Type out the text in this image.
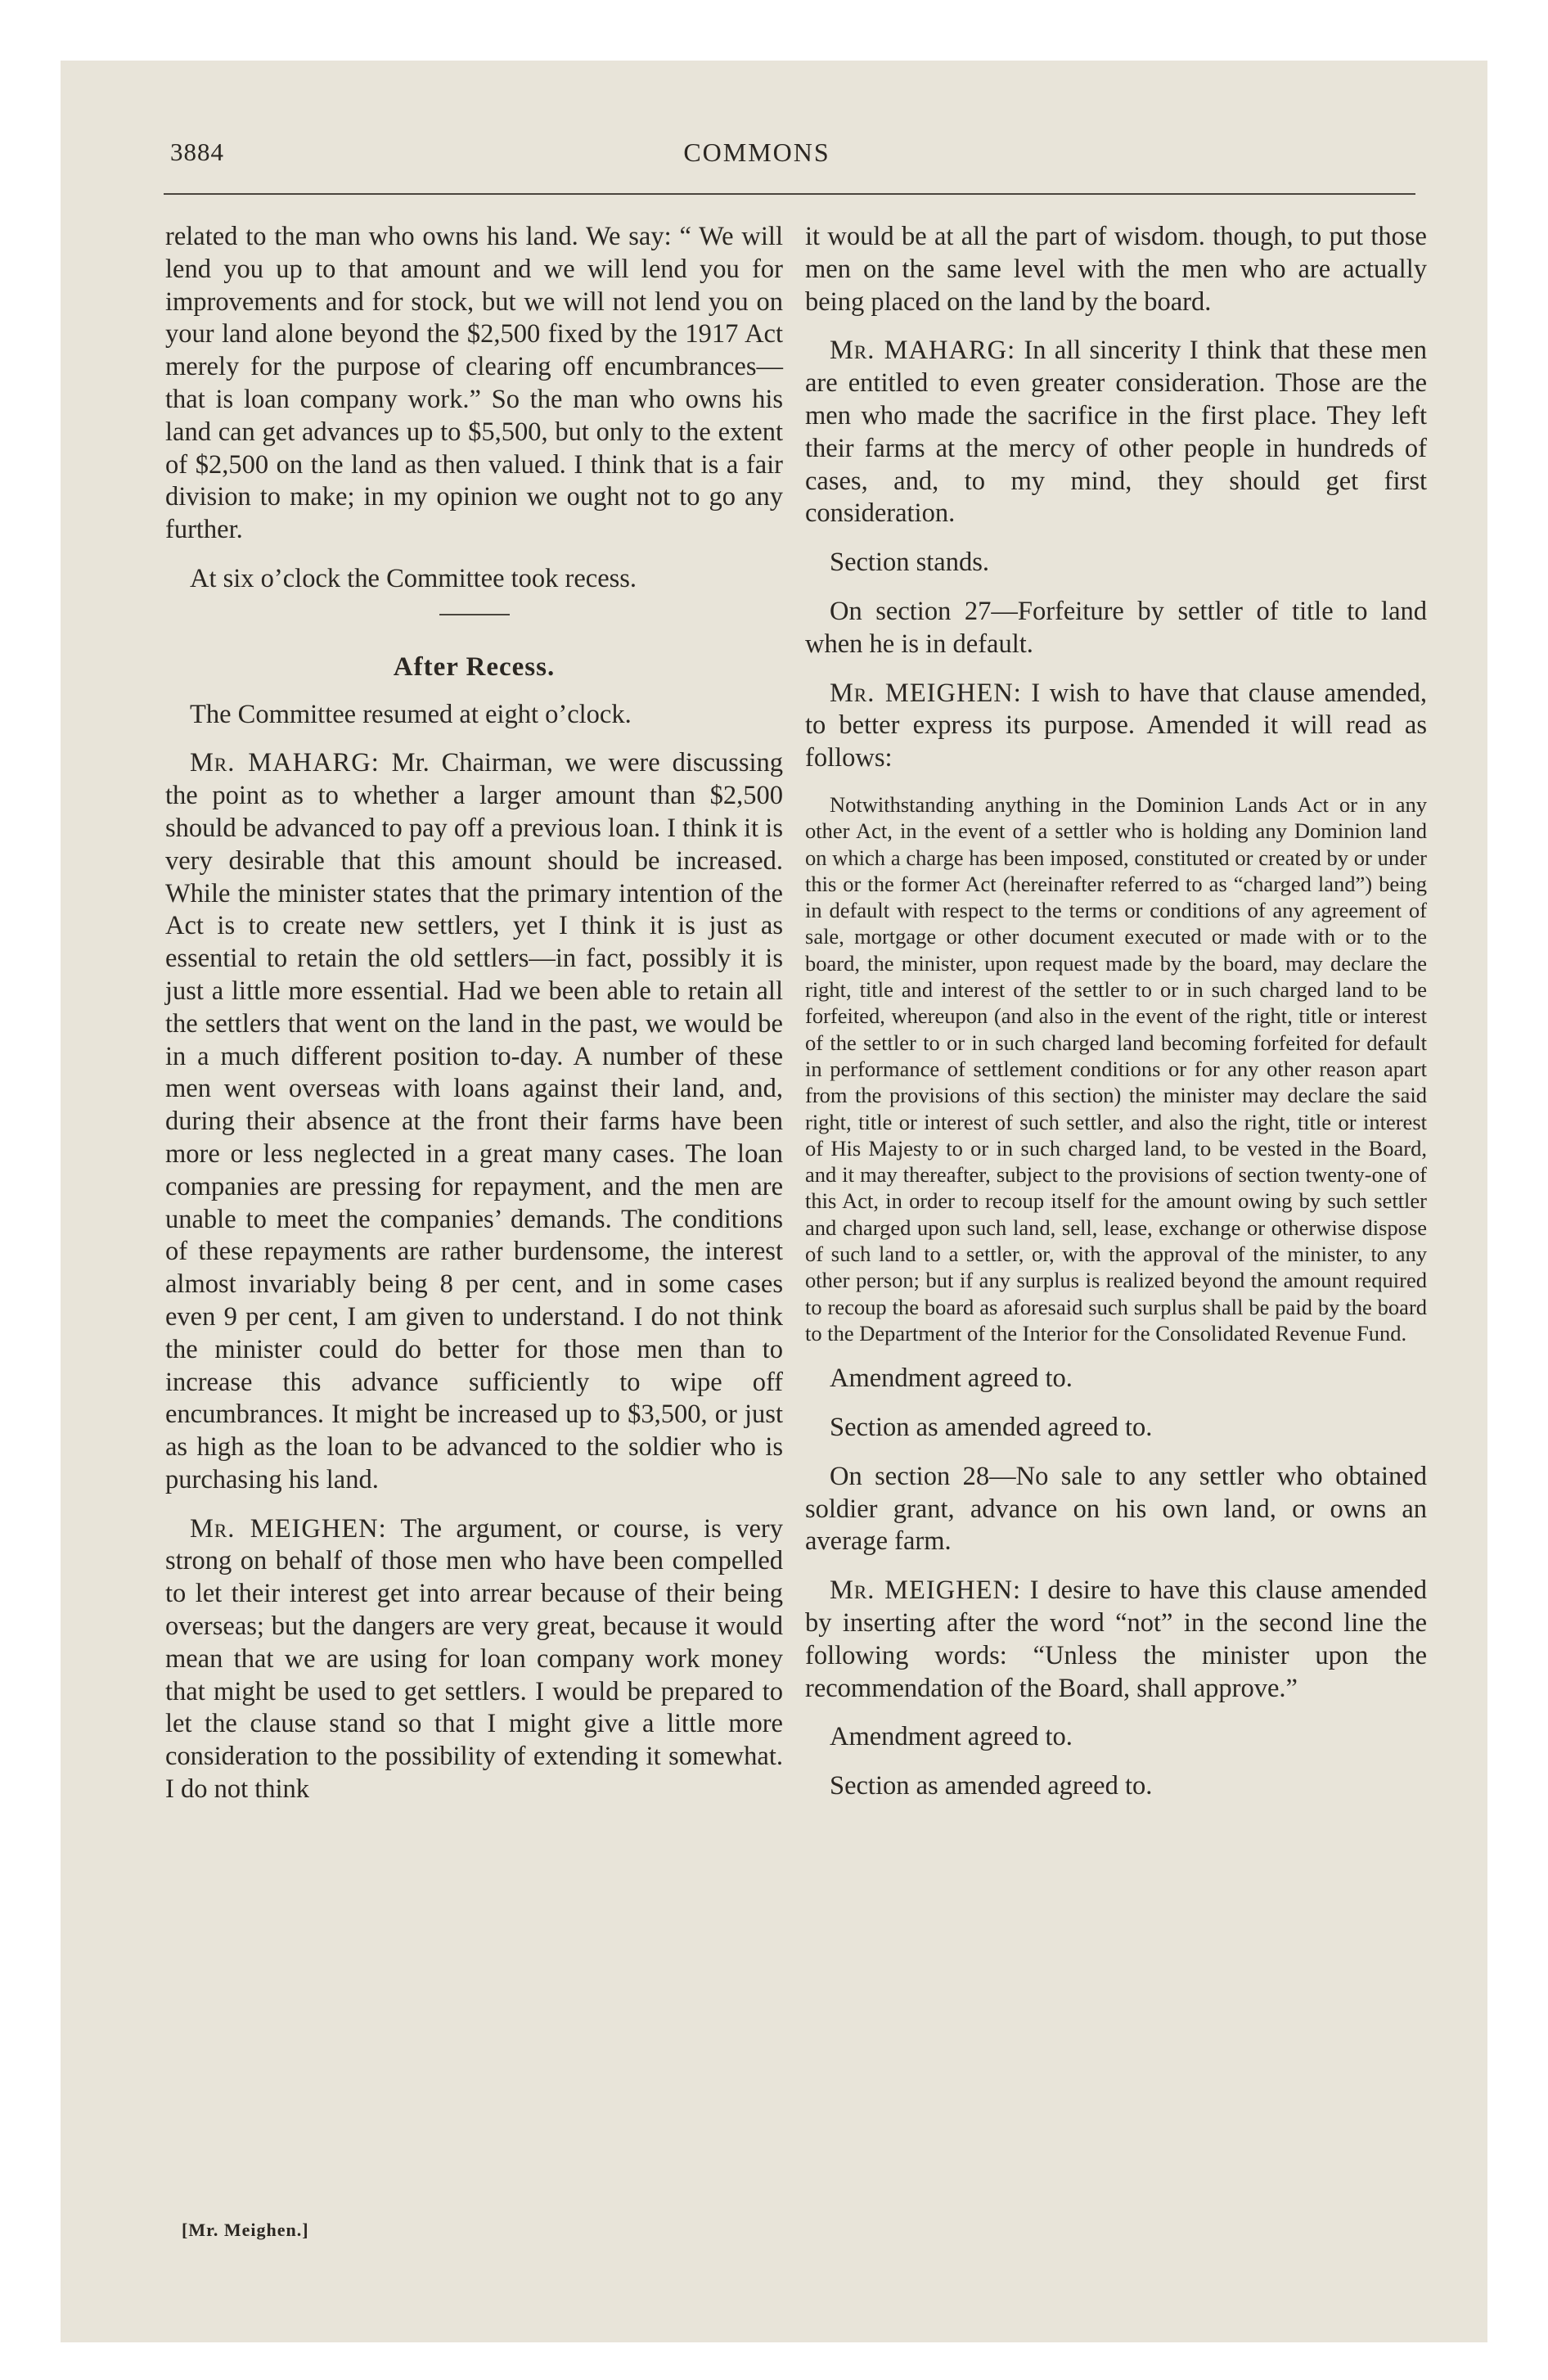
3884	COMMONS

related to the man who owns his land. We say: “ We will lend you up to that amount and we will lend you for improvements and for stock, but we will not lend you on your land alone beyond the $2,500 fixed by the 1917 Act merely for the purpose of clearing off encumbrances—that is loan company work.” So the man who owns his land can get advances up to $5,500, but only to the extent of $2,500 on the land as then valued. I think that is a fair division to make; in my opinion we ought not to go any further.

At six o’clock the Committee took recess.

After Recess.

The Committee resumed at eight o’clock.

Mr. MAHARG: Mr. Chairman, we were discussing the point as to whether a larger amount than $2,500 should be advanced to pay off a previous loan. I think it is very desirable that this amount should be increased. While the minister states that the primary intention of the Act is to create new settlers, yet I think it is just as essential to retain the old settlers—in fact, possibly it is just a little more essential. Had we been able to retain all the settlers that went on the land in the past, we would be in a much different position to-day. A number of these men went overseas with loans against their land, and, during their absence at the front their farms have been more or less neglected in a great many cases. The loan companies are pressing for repayment, and the men are unable to meet the companies’ demands. The conditions of these repayments are rather burdensome, the interest almost invariably being 8 per cent, and in some cases even 9 per cent, I am given to understand. I do not think the minister could do better for those men than to increase this advance sufficiently to wipe off encumbrances. It might be increased up to $3,500, or just as high as the loan to be advanced to the soldier who is purchasing his land.

Mr. MEIGHEN: The argument, or course, is very strong on behalf of those men who have been compelled to let their interest get into arrear because of their being overseas; but the dangers are very great, because it would mean that we are using for loan company work money that might be used to get settlers. I would be prepared to let the clause stand so that I might give a little more consideration to the possibility of extending it somewhat. I do not think

it would be at all the part of wisdom. though, to put those men on the same level with the men who are actually being placed on the land by the board.

Mr. MAHARG: In all sincerity I think that these men are entitled to even greater consideration. Those are the men who made the sacrifice in the first place. They left their farms at the mercy of other people in hundreds of cases, and, to my mind, they should get first consideration.

Section stands.

On section 27—Forfeiture by settler of title to land when he is in default.

Mr. MEIGHEN: I wish to have that clause amended, to better express its purpose. Amended it will read as follows:

Notwithstanding anything in the Dominion Lands Act or in any other Act, in the event of a settler who is holding any Dominion land on which a charge has been imposed, constituted or created by or under this or the former Act (hereinafter referred to as “charged land”) being in default with respect to the terms or conditions of any agreement of sale, mortgage or other document executed or made with or to the board, the minister, upon request made by the board, may declare the right, title and interest of the settler to or in such charged land to be forfeited, whereupon (and also in the event of the right, title or interest of the settler to or in such charged land becoming forfeited for default in performance of settlement conditions or for any other reason apart from the provisions of this section) the minister may declare the said right, title or interest of such settler, and also the right, title or interest of His Majesty to or in such charged land, to be vested in the Board, and it may thereafter, subject to the provisions of section twenty-one of this Act, in order to recoup itself for the amount owing by such settler and charged upon such land, sell, lease, exchange or otherwise dispose of such land to a settler, or, with the approval of the minister, to any other person; but if any surplus is realized beyond the amount required to recoup the board as aforesaid such surplus shall be paid by the board to the Department of the Interior for the Consolidated Revenue Fund.

Amendment agreed to.

Section as amended agreed to.

On section 28—No sale to any settler who obtained soldier grant, advance on his own land, or owns an average farm.

Mr. MEIGHEN: I desire to have this clause amended by inserting after the word “not” in the second line the following words: “Unless the minister upon the recommendation of the Board, shall approve.”

Amendment agreed to.

Section as amended agreed to.

[Mr. Meighen.]
